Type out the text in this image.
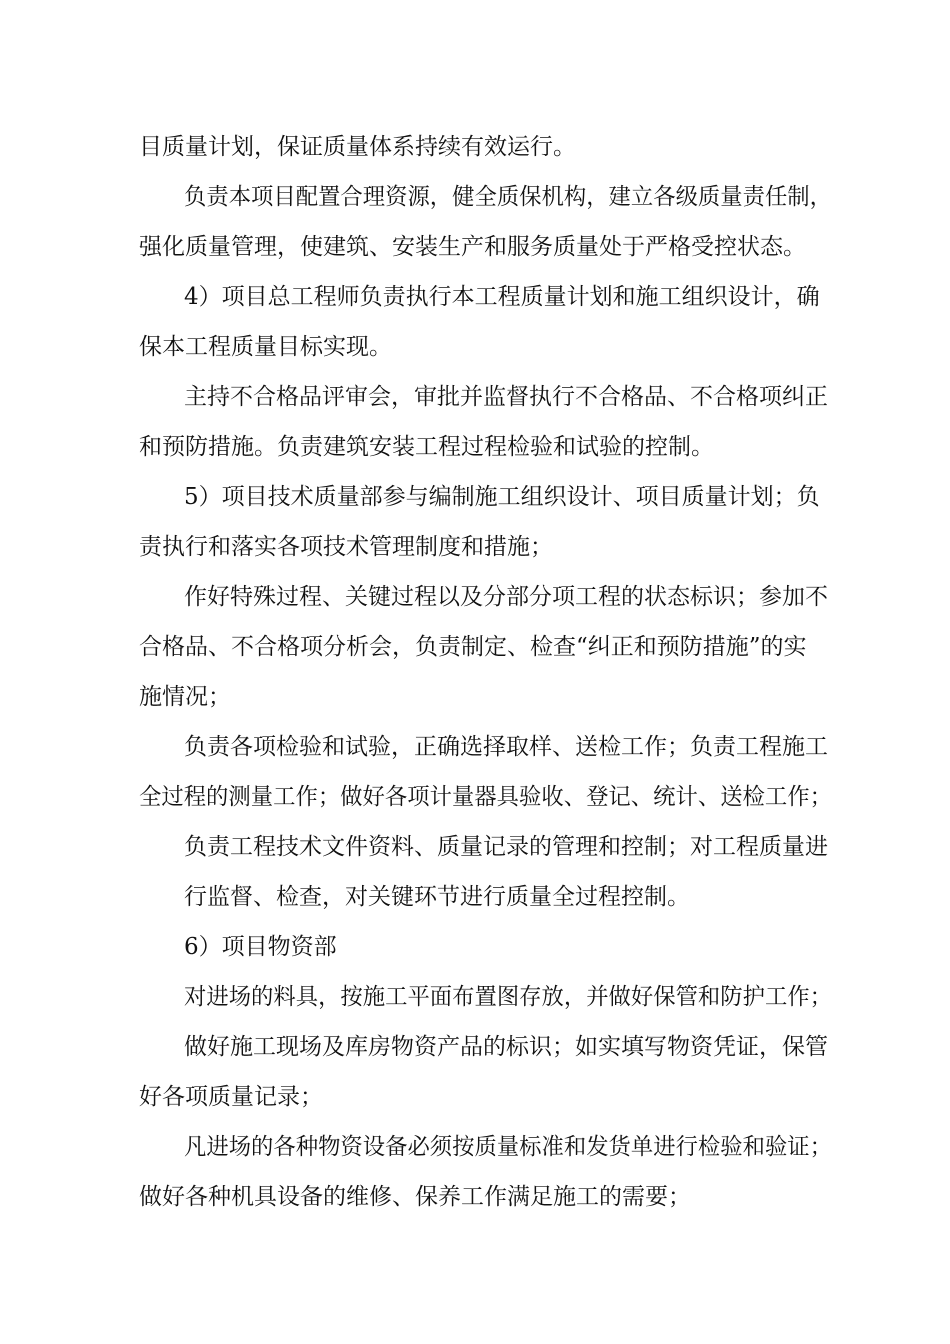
目质量计划，保证质量体系持续有效运行。
负责本项目配置合理资源，健全质保机构，建立各级质量责任制，
强化质量管理，使建筑、安装生产和服务质量处于严格受控状态。
4）项目总工程师负责执行本工程质量计划和施工组织设计，确
保本工程质量目标实现。
主持不合格品评审会，审批并监督执行不合格品、不合格项纠正
和预防措施。负责建筑安装工程过程检验和试验的控制。
5）项目技术质量部参与编制施工组织设计、项目质量计划；负
责执行和落实各项技术管理制度和措施；
作好特殊过程、关键过程以及分部分项工程的状态标识；参加不
合格品、不合格项分析会，负责制定、检查“纠正和预防措施”的实
施情况；
负责各项检验和试验，正确选择取样、送检工作；负责工程施工
全过程的测量工作；做好各项计量器具验收、登记、统计、送检工作；
负责工程技术文件资料、质量记录的管理和控制；对工程质量进
行监督、检查，对关键环节进行质量全过程控制。
6）项目物资部
对进场的料具，按施工平面布置图存放，并做好保管和防护工作；
做好施工现场及库房物资产品的标识；如实填写物资凭证，保管
好各项质量记录；
凡进场的各种物资设备必须按质量标准和发货单进行检验和验证；
做好各种机具设备的维修、保养工作满足施工的需要；
